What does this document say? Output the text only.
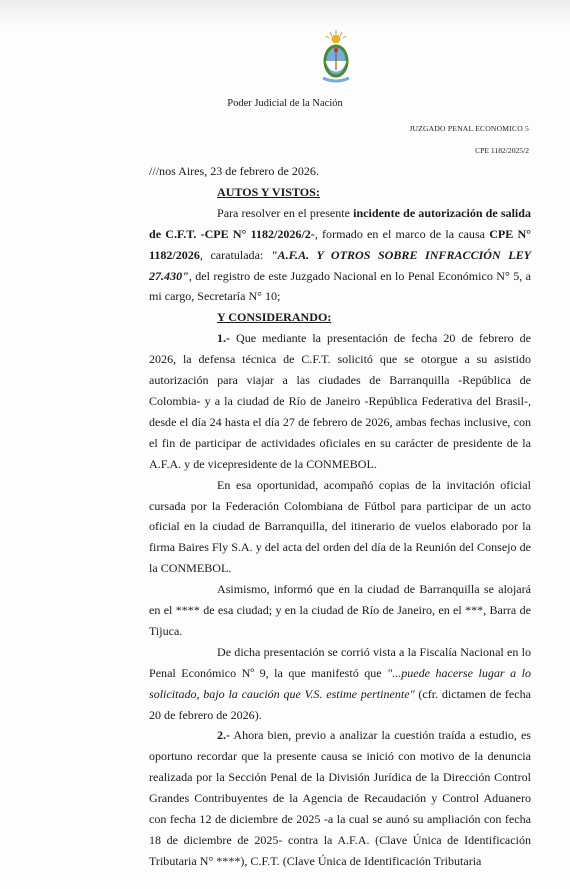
Poder Judicial de la Nación
JUZGADO PENAL ECONOMICO 5
CPE 1182/2025/2

///nos Aires, 23 de febrero de 2026.

AUTOS Y VISTOS:

Para resolver en el presente incidente de autorización de salida de C.F.T. -CPE N° 1182/2026/2-, formado en el marco de la causa CPE N° 1182/2026, caratulada: "A.F.A. Y OTROS SOBRE INFRACCIÓN LEY 27.430", del registro de este Juzgado Nacional en lo Penal Económico N° 5, a mi cargo, Secretaría N° 10;

Y CONSIDERANDO:

1.- Que mediante la presentación de fecha 20 de febrero de 2026, la defensa técnica de C.F.T. solicitó que se otorgue a su asistido autorización para viajar a las ciudades de Barranquilla -República de Colombia- y a la ciudad de Río de Janeiro -República Federativa del Brasil-, desde el día 24 hasta el día 27 de febrero de 2026, ambas fechas inclusive, con el fin de participar de actividades oficiales en su carácter de presidente de la A.F.A. y de vicepresidente de la CONMEBOL.

En esa oportunidad, acompañó copias de la invitación oficial cursada por la Federación Colombiana de Fútbol para participar de un acto oficial en la ciudad de Barranquilla, del itinerario de vuelos elaborado por la firma Baires Fly S.A. y del acta del orden del día de la Reunión del Consejo de la CONMEBOL.

Asimismo, informó que en la ciudad de Barranquilla se alojará en el **** de esa ciudad; y en la ciudad de Río de Janeiro, en el ***, Barra de Tijuca.

De dicha presentación se corrió vista a la Fiscalía Nacional en lo Penal Económico Nº 9, la que manifestó que "...puede hacerse lugar a lo solicitado, bajo la caución que V.S. estime pertinente" (cfr. dictamen de fecha 20 de febrero de 2026).

2.- Ahora bien, previo a analizar la cuestión traída a estudio, es oportuno recordar que la presente causa se inició con motivo de la denuncia realizada por la Sección Penal de la División Jurídica de la Dirección Control Grandes Contribuyentes de la Agencia de Recaudación y Control Aduanero con fecha 12 de diciembre de 2025 -a la cual se aunó su ampliación con fecha 18 de diciembre de 2025- contra la A.F.A. (Clave Única de Identificación Tributaria N° ****), C.F.T. (Clave Única de Identificación Tributaria
